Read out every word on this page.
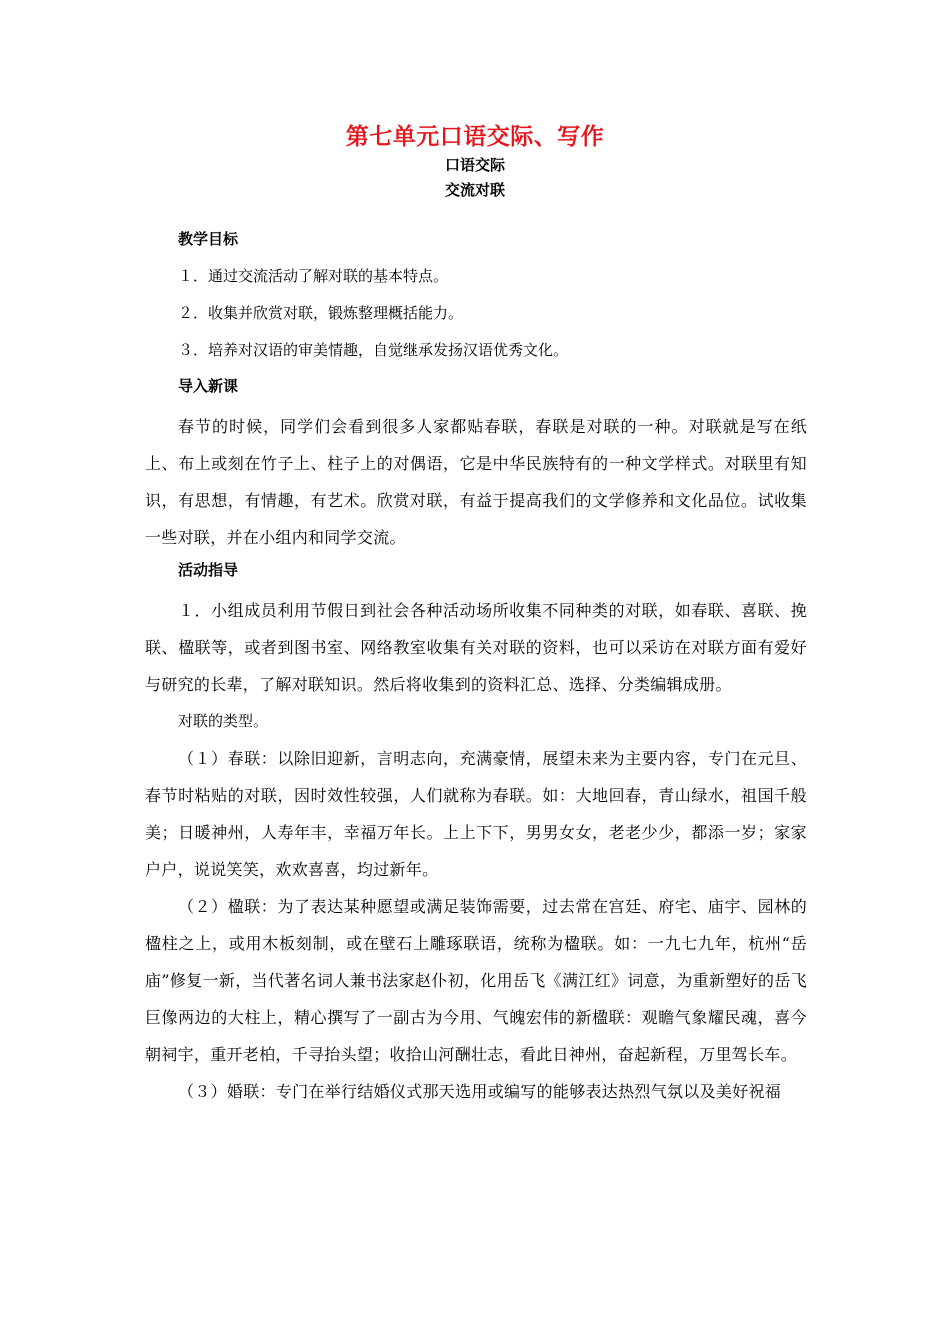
第七单元口语交际、写作
口语交际
交流对联
教学目标
１．通过交流活动了解对联的基本特点。
２．收集并欣赏对联，锻炼整理概括能力。
３．培养对汉语的审美情趣，自觉继承发扬汉语优秀文化。
导入新课

春节的时候，同学们会看到很多人家都贴春联，春联是对联的一种。对联就是写在纸上、布上或刻在竹子上、柱子上的对偶语，它是中华民族特有的一种文学样式。对联里有知识，有思想，有情趣，有艺术。欣赏对联，有益于提高我们的文学修养和文化品位。试收集一些对联，并在小组内和同学交流。

活动指导

１．小组成员利用节假日到社会各种活动场所收集不同种类的对联，如春联、喜联、挽联、楹联等，或者到图书室、网络教室收集有关对联的资料，也可以采访在对联方面有爱好与研究的长辈，了解对联知识。然后将收集到的资料汇总、选择、分类编辑成册。

对联的类型。

（１）春联：以除旧迎新，言明志向，充满豪情，展望未来为主要内容，专门在元旦、春节时粘贴的对联，因时效性较强，人们就称为春联。如：大地回春，青山绿水，祖国千般美；日暖神州，人寿年丰，幸福万年长。上上下下，男男女女，老老少少，都添一岁；家家户户，说说笑笑，欢欢喜喜，均过新年。

（２）楹联：为了表达某种愿望或满足装饰需要，过去常在宫廷、府宅、庙宇、园林的楹柱之上，或用木板刻制，或在壁石上雕琢联语，统称为楹联。如：一九七九年，杭州“岳庙”修复一新，当代著名词人兼书法家赵仆初，化用岳飞《满江红》词意，为重新塑好的岳飞巨像两边的大柱上，精心撰写了一副古为今用、气魄宏伟的新楹联：观瞻气象耀民魂，喜今朝祠宇，重开老柏，千寻抬头望；收拾山河酬壮志，看此日神州，奋起新程，万里驾长车。

（３）婚联：专门在举行结婚仪式那天选用或编写的能够表达热烈气氛以及美好祝福
